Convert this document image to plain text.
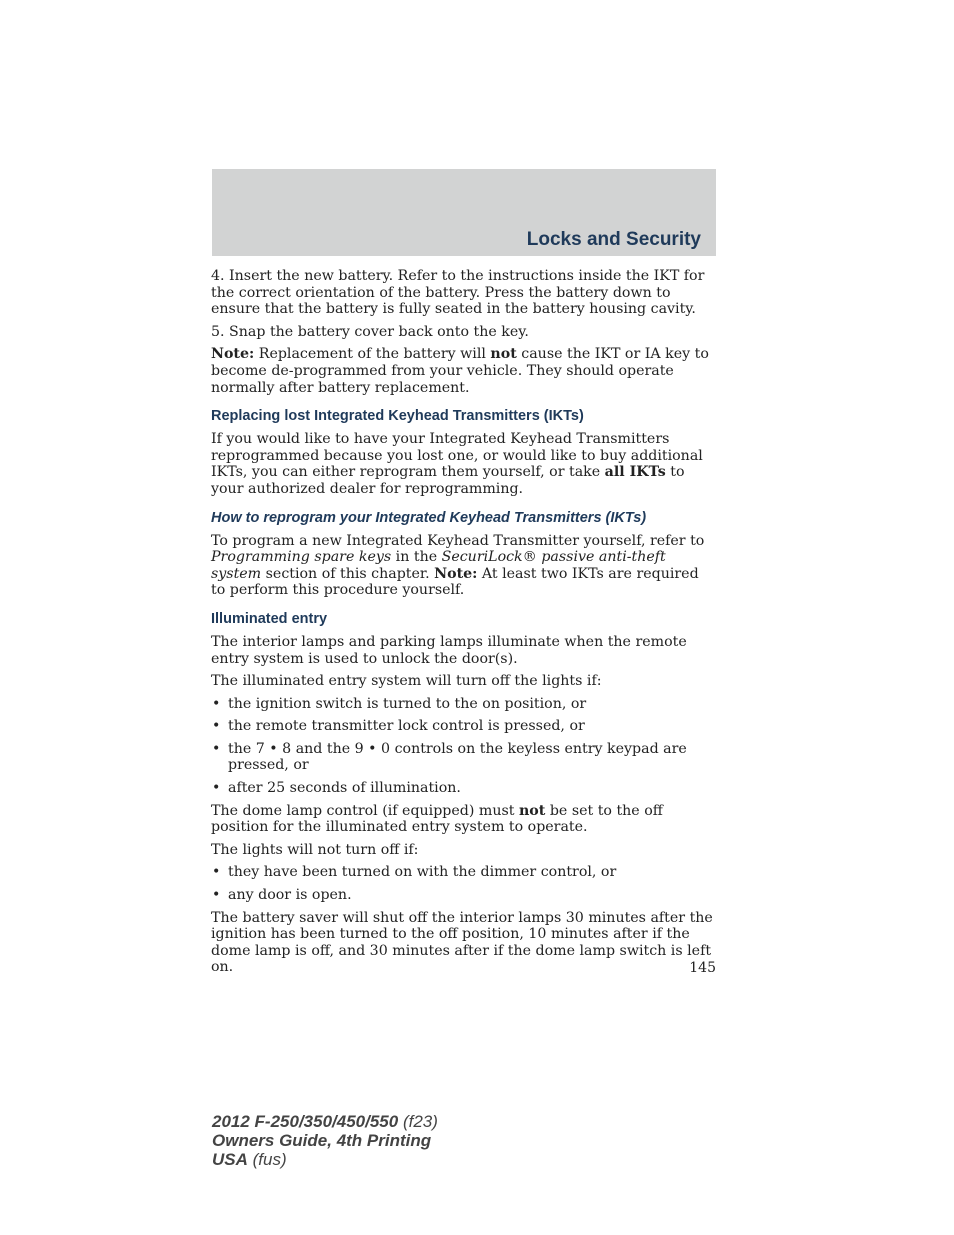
Locks and Security

4. Insert the new battery. Refer to the instructions inside the IKT for the correct orientation of the battery. Press the battery down to ensure that the battery is fully seated in the battery housing cavity.

5. Snap the battery cover back onto the key.

Note: Replacement of the battery will not cause the IKT or IA key to become de-programmed from your vehicle. They should operate normally after battery replacement.

Replacing lost Integrated Keyhead Transmitters (IKTs)

If you would like to have your Integrated Keyhead Transmitters reprogrammed because you lost one, or would like to buy additional IKTs, you can either reprogram them yourself, or take all IKTs to your authorized dealer for reprogramming.

How to reprogram your Integrated Keyhead Transmitters (IKTs)

To program a new Integrated Keyhead Transmitter yourself, refer to Programming spare keys in the SecuriLock® passive anti-theft system section of this chapter. Note: At least two IKTs are required to perform this procedure yourself.

Illuminated entry

The interior lamps and parking lamps illuminate when the remote entry system is used to unlock the door(s).

The illuminated entry system will turn off the lights if:

• the ignition switch is turned to the on position, or
• the remote transmitter lock control is pressed, or
• the 7 • 8 and the 9 • 0 controls on the keyless entry keypad are pressed, or
• after 25 seconds of illumination.

The dome lamp control (if equipped) must not be set to the off position for the illuminated entry system to operate.

The lights will not turn off if:

• they have been turned on with the dimmer control, or
• any door is open.

The battery saver will shut off the interior lamps 30 minutes after the ignition has been turned to the off position, 10 minutes after if the dome lamp is off, and 30 minutes after if the dome lamp switch is left on.	145
2012 F-250/350/450/550 (f23)
Owners Guide, 4th Printing
USA (fus)
